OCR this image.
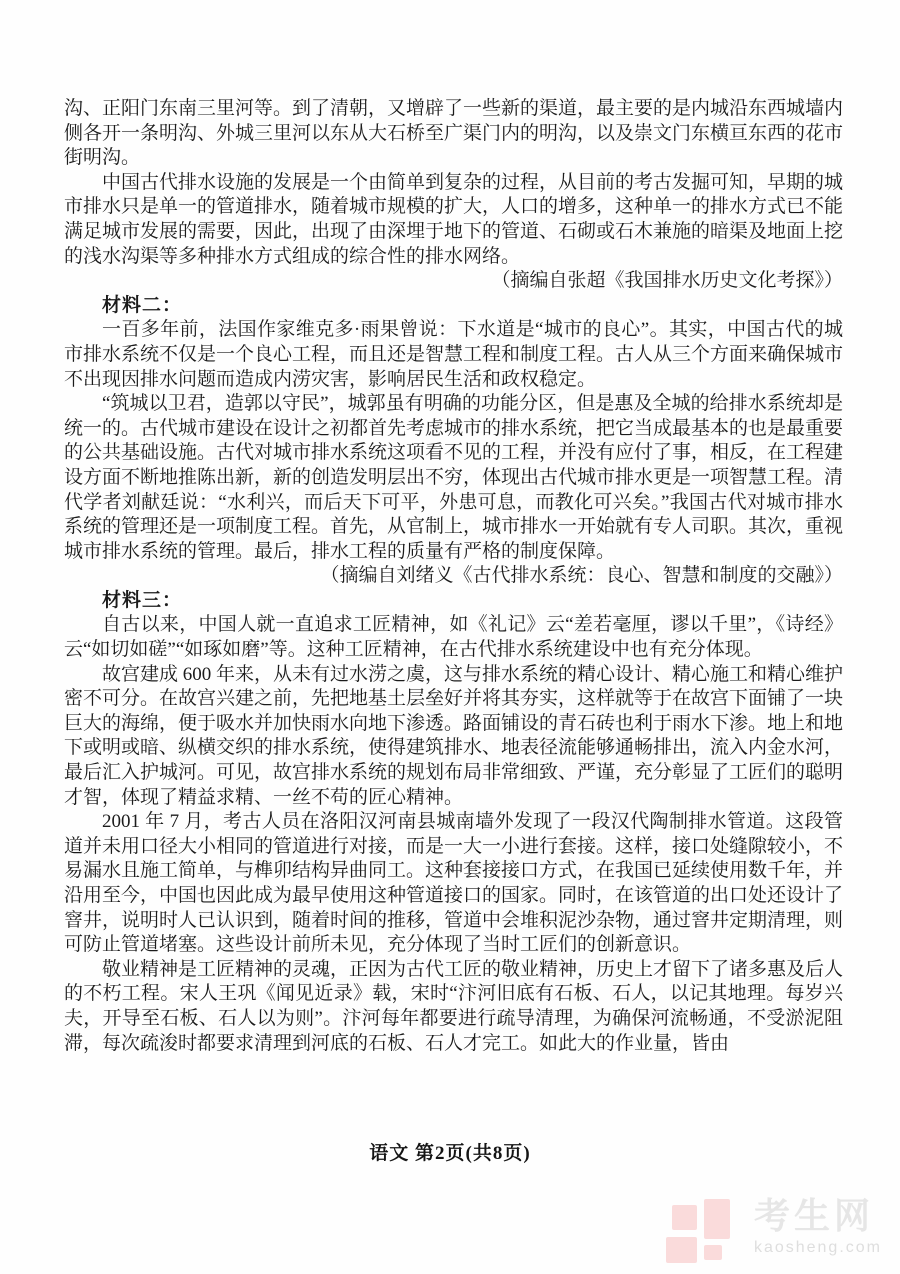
沟、正阳门东南三里河等。到了清朝，又增辟了一些新的渠道，最主要的是内城沿东西城墙内侧各开一条明沟、外城三里河以东从大石桥至广渠门内的明沟，以及崇文门东横亘东西的花市街明沟。

中国古代排水设施的发展是一个由简单到复杂的过程，从目前的考古发掘可知，早期的城市排水只是单一的管道排水，随着城市规模的扩大，人口的增多，这种单一的排水方式已不能满足城市发展的需要，因此，出现了由深埋于地下的管道、石砌或石木兼施的暗渠及地面上挖的浅水沟渠等多种排水方式组成的综合性的排水网络。

（摘编自张超《我国排水历史文化考探》）

材料二：

一百多年前，法国作家维克多·雨果曾说：下水道是“城市的良心”。其实，中国古代的城市排水系统不仅是一个良心工程，而且还是智慧工程和制度工程。古人从三个方面来确保城市不出现因排水问题而造成内涝灾害，影响居民生活和政权稳定。

“筑城以卫君，造郭以守民”，城郭虽有明确的功能分区，但是惠及全城的给排水系统却是统一的。古代城市建设在设计之初都首先考虑城市的排水系统，把它当成最基本的也是最重要的公共基础设施。古代对城市排水系统这项看不见的工程，并没有应付了事，相反，在工程建设方面不断地推陈出新，新的创造发明层出不穷，体现出古代城市排水更是一项智慧工程。清代学者刘献廷说：“水利兴，而后天下可平，外患可息，而教化可兴矣。”我国古代对城市排水系统的管理还是一项制度工程。首先，从官制上，城市排水一开始就有专人司职。其次，重视城市排水系统的管理。最后，排水工程的质量有严格的制度保障。

（摘编自刘绪义《古代排水系统：良心、智慧和制度的交融》）

材料三：

自古以来，中国人就一直追求工匠精神，如《礼记》云“差若毫厘，谬以千里”，《诗经》云“如切如磋”“如琢如磨”等。这种工匠精神，在古代排水系统建设中也有充分体现。

故宫建成 600 年来，从未有过水涝之虞，这与排水系统的精心设计、精心施工和精心维护密不可分。在故宫兴建之前，先把地基土层垒好并将其夯实，这样就等于在故宫下面铺了一块巨大的海绵，便于吸水并加快雨水向地下渗透。路面铺设的青石砖也利于雨水下渗。地上和地下或明或暗、纵横交织的排水系统，使得建筑排水、地表径流能够通畅排出，流入内金水河，最后汇入护城河。可见，故宫排水系统的规划布局非常细致、严谨，充分彰显了工匠们的聪明才智，体现了精益求精、一丝不苟的匠心精神。

2001 年 7 月，考古人员在洛阳汉河南县城南墙外发现了一段汉代陶制排水管道。这段管道并未用口径大小相同的管道进行对接，而是一大一小进行套接。这样，接口处缝隙较小，不易漏水且施工简单，与榫卯结构异曲同工。这种套接接口方式，在我国已延续使用数千年，并沿用至今，中国也因此成为最早使用这种管道接口的国家。同时，在该管道的出口处还设计了窨井，说明时人已认识到，随着时间的推移，管道中会堆积泥沙杂物，通过窨井定期清理，则可防止管道堵塞。这些设计前所未见，充分体现了当时工匠们的创新意识。

敬业精神是工匠精神的灵魂，正因为古代工匠的敬业精神，历史上才留下了诸多惠及后人的不朽工程。宋人王巩《闻见近录》载，宋时“汴河旧底有石板、石人，以记其地理。每岁兴夫，开导至石板、石人以为则”。汴河每年都要进行疏导清理，为确保河流畅通，不受淤泥阻滞，每次疏浚时都要求清理到河底的石板、石人才完工。如此大的作业量，皆由

语文 第2页(共8页)
考生网
kaosheng.com
